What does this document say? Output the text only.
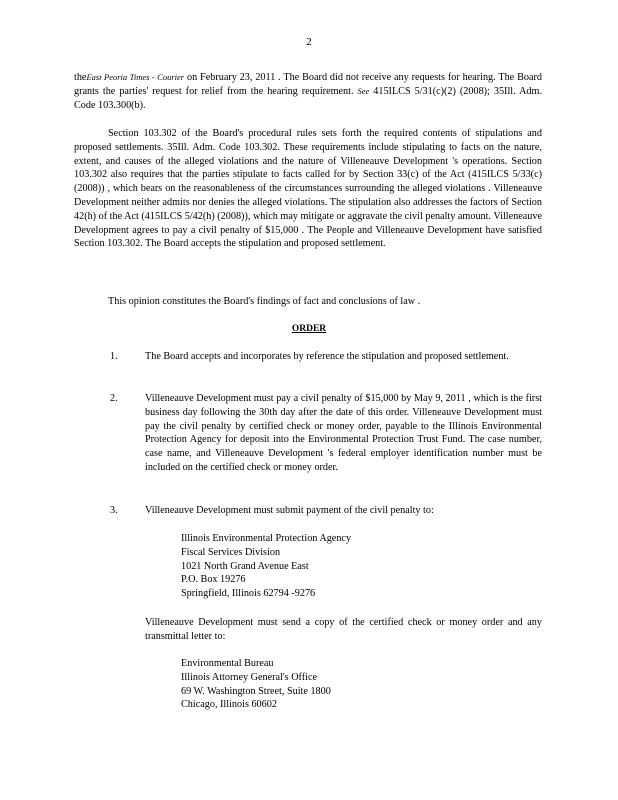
2

theEast Peoria Times - Courier on February 23, 2011 . The Board did not receive any requests for hearing. The Board grants the parties' request for relief from the hearing requirement. See 415ILCS 5/31(c)(2) (2008); 35Ill. Adm. Code 103.300(b).

Section 103.302 of the Board's procedural rules sets forth the required contents of stipulations and proposed settlements. 35Ill. Adm. Code 103.302. These requirements include stipulating to facts on the nature, extent, and causes of the alleged violations and the nature of Villeneauve Development 's operations. Section 103.302 also requires that the parties stipulate to facts called for by Section 33(c) of the Act (415ILCS 5/33(c) (2008)) , which bears on the reasonableness of the circumstances surrounding the alleged violations . Villeneauve Development neither admits nor denies the alleged violations. The stipulation also addresses the factors of Section 42(h) of the Act (415ILCS 5/42(h) (2008)), which may mitigate or aggravate the civil penalty amount. Villeneauve Development agrees to pay a civil penalty of $15,000 . The People and Villeneauve Development have satisfied Section 103.302. The Board accepts the stipulation and proposed settlement.

This opinion constitutes the Board's findings of fact and conclusions of law .

ORDER
1.	The Board accepts and incorporates by reference the stipulation and proposed settlement.
2.	Villeneauve Development must pay a civil penalty of $15,000 by May 9, 2011 , which is the first business day following the 30th day after the date of this order. Villeneauve Development must pay the civil penalty by certified check or money order, payable to the Illinois Environmental Protection Agency for deposit into the Environmental Protection Trust Fund. The case number, case name, and Villeneauve Development 's federal employer identification number must be included on the certified check or money order.
3.	Villeneauve Development must submit payment of the civil penalty to:
Illinois Environmental Protection Agency
Fiscal Services Division
1021 North Grand Avenue East
P.O. Box 19276
Springfield, Illinois 62794 -9276
Villeneauve Development must send a copy of the certified check or money order and any transmittal letter to:
Environmental Bureau
Illinois Attorney General's Office
69 W. Washington Street, Suite 1800
Chicago, Illinois 60602
